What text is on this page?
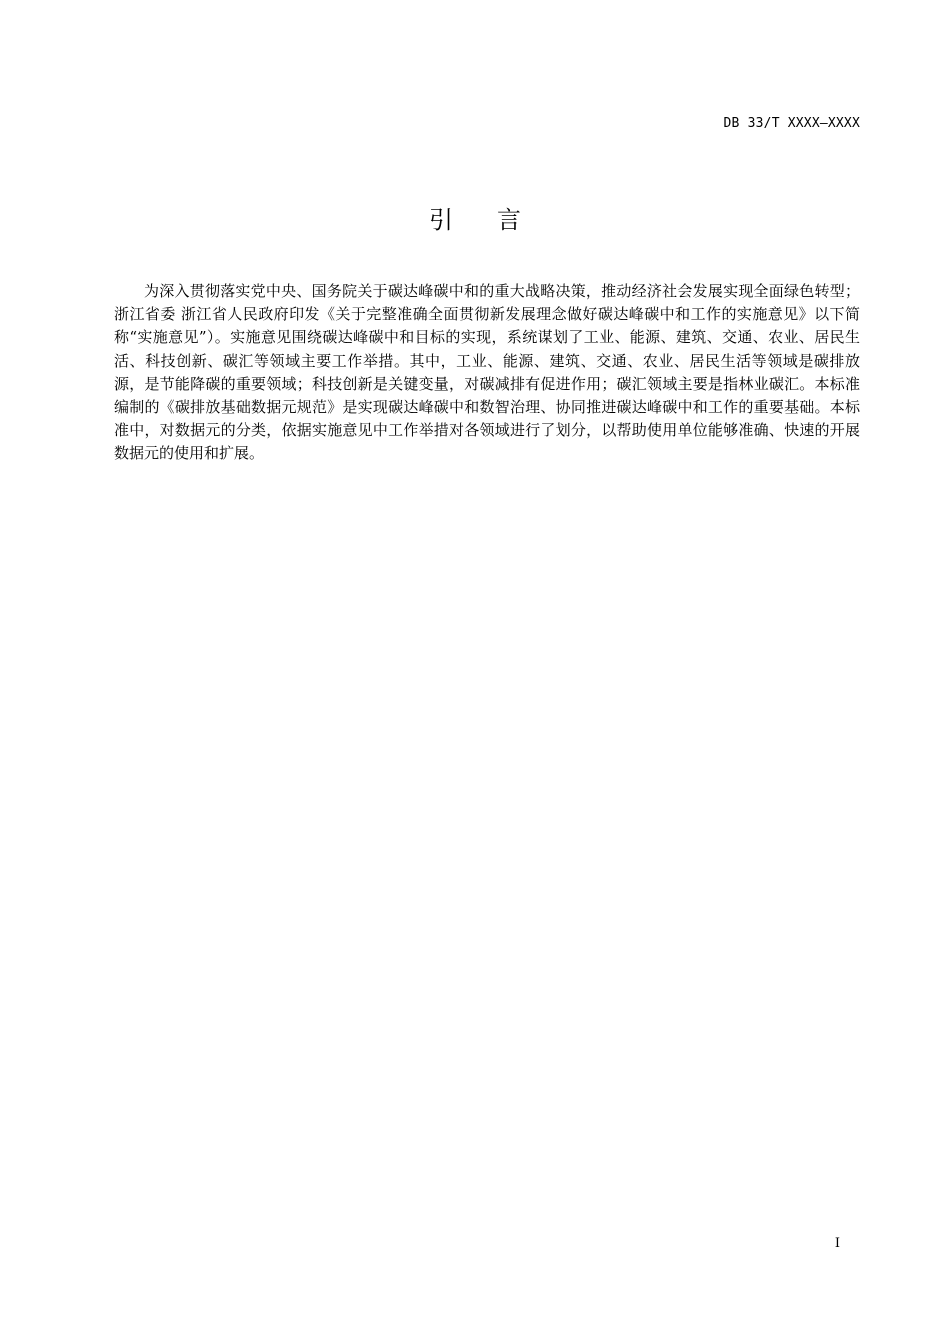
DB 33/T XXXX—XXXX
引言

为深入贯彻落实党中央、国务院关于碳达峰碳中和的重大战略决策，推动经济社会发展实现全面绿色转型；浙江省委 浙江省人民政府印发《关于完整准确全面贯彻新发展理念做好碳达峰碳中和工作的实施意见》以下简称“实施意见”）。实施意见围绕碳达峰碳中和目标的实现，系统谋划了工业、能源、建筑、交通、农业、居民生活、科技创新、碳汇等领域主要工作举措。其中，工业、能源、建筑、交通、农业、居民生活等领域是碳排放源，是节能降碳的重要领域；科技创新是关键变量，对碳减排有促进作用；碳汇领域主要是指林业碳汇。本标准编制的《碳排放基础数据元规范》是实现碳达峰碳中和数智治理、协同推进碳达峰碳中和工作的重要基础。本标准中，对数据元的分类，依据实施意见中工作举措对各领域进行了划分，以帮助使用单位能够准确、快速的开展数据元的使用和扩展。

I
